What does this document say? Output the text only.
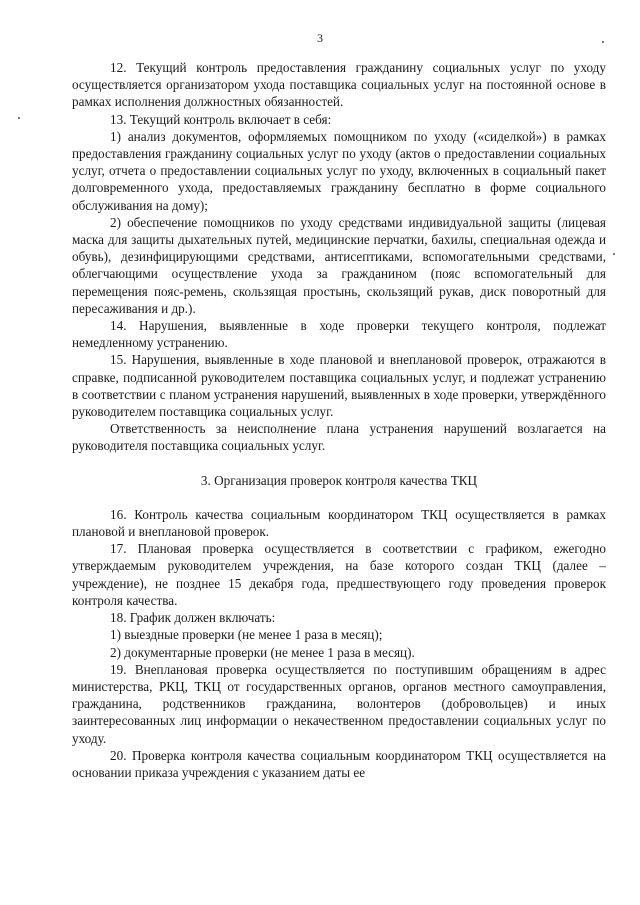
3

12. Текущий контроль предоставления гражданину социальных услуг по уходу осуществляется организатором ухода поставщика социальных услуг на постоянной основе в рамках исполнения должностных обязанностей.

13. Текущий контроль включает в себя:

1) анализ документов, оформляемых помощником по уходу («сиделкой») в рамках предоставления гражданину социальных услуг по уходу (актов о предоставлении социальных услуг, отчета о предоставлении социальных услуг по уходу, включенных в социальный пакет долговременного ухода, предоставляемых гражданину бесплатно в форме социального обслуживания на дому);

2) обеспечение помощников по уходу средствами индивидуальной защиты (лицевая маска для защиты дыхательных путей, медицинские перчатки, бахилы, специальная одежда и обувь), дезинфицирующими средствами, антисептиками, вспомогательными средствами, облегчающими осуществление ухода за гражданином (пояс вспомогательный для перемещения пояс-ремень, скользящая простынь, скользящий рукав, диск поворотный для пересаживания и др.).

14. Нарушения, выявленные в ходе проверки текущего контроля, подлежат немедленному устранению.

15. Нарушения, выявленные в ходе плановой и внеплановой проверок, отражаются в справке, подписанной руководителем поставщика социальных услуг, и подлежат устранению в соответствии с планом устранения нарушений, выявленных в ходе проверки, утверждённого руководителем поставщика социальных услуг.

Ответственность за неисполнение плана устранения нарушений возлагается на руководителя поставщика социальных услуг.

3. Организация проверок контроля качества ТКЦ

16. Контроль качества социальным координатором ТКЦ осуществляется в рамках плановой и внеплановой проверок.

17. Плановая проверка осуществляется в соответствии с графиком, ежегодно утверждаемым руководителем учреждения, на базе которого создан ТКЦ (далее – учреждение), не позднее 15 декабря года, предшествующего году проведения проверок контроля качества.

18. График должен включать:

1) выездные проверки (не менее 1 раза в месяц);

2) документарные проверки (не менее 1 раза в месяц).

19. Внеплановая проверка осуществляется по поступившим обращениям в адрес министерства, РКЦ, ТКЦ от государственных органов, органов местного самоуправления, гражданина, родственников гражданина, волонтеров (добровольцев) и иных заинтересованных лиц информации о некачественном предоставлении социальных услуг по уходу.

20. Проверка контроля качества социальным координатором ТКЦ осуществляется на основании приказа учреждения с указанием даты ее
